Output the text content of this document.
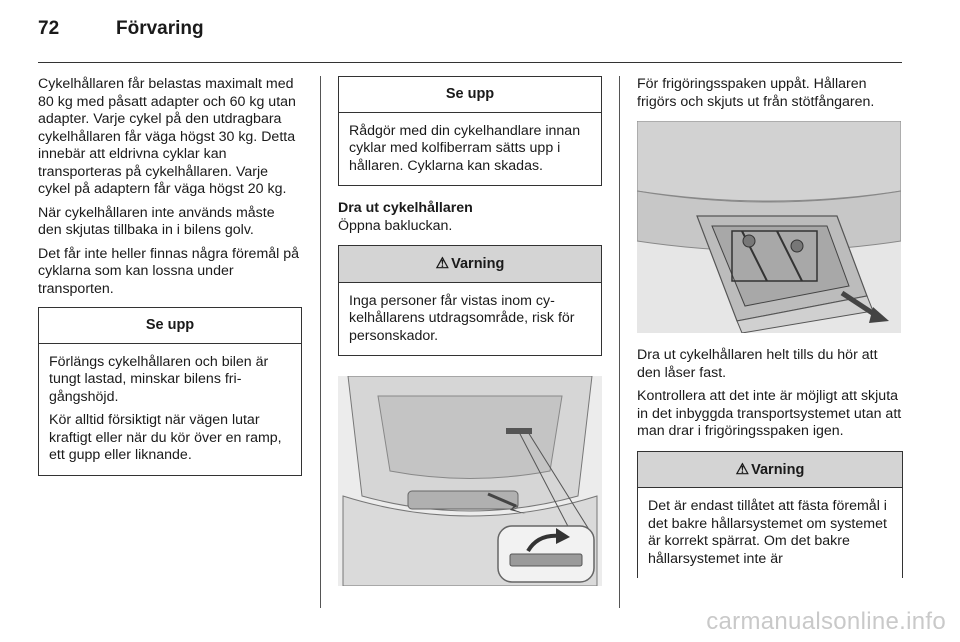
72	Förvaring

Cykelhållaren får belastas maximalt med 80 kg med påsatt adapter och 60 kg utan adapter. Varje cykel på den utdragbara cykelhållaren får väga högst 30 kg. Detta innebär att eldrivna cyklar kan transporteras på cykelhållaren. Varje cykel på adaptern får väga högst 20 kg.

När cykelhållaren inte används måste den skjutas tillbaka in i bilens golv.

Det får inte heller finnas några föremål på cyklarna som kan lossna under transporten.

Se upp

Förlängs cykelhållaren och bilen är tungt lastad, minskar bilens frigångshöjd.

Kör alltid försiktigt när vägen lutar kraftigt eller när du kör över en ramp, ett gupp eller liknande.

Se upp

Rådgör med din cykelhandlare innan cyklar med kolfiberram sätts upp i hållaren. Cyklarna kan skadas.

Dra ut cykelhållaren

Öppna bakluckan.

⚠ Varning

Inga personer får vistas inom cykelhållarens utdragsområde, risk för personskador.

För frigöringsspaken uppåt. Hållaren frigörs och skjuts ut från stötfångaren.

Dra ut cykelhållaren helt tills du hör att den låser fast.

Kontrollera att det inte är möjligt att skjuta in det inbyggda transportsystemet utan att man drar i frigöringsspaken igen.

⚠ Varning

Det är endast tillåtet att fästa föremål i det bakre hållarsystemet om systemet är korrekt spärrat. Om det bakre hållarsystemet inte är

carmanualsonline.info
